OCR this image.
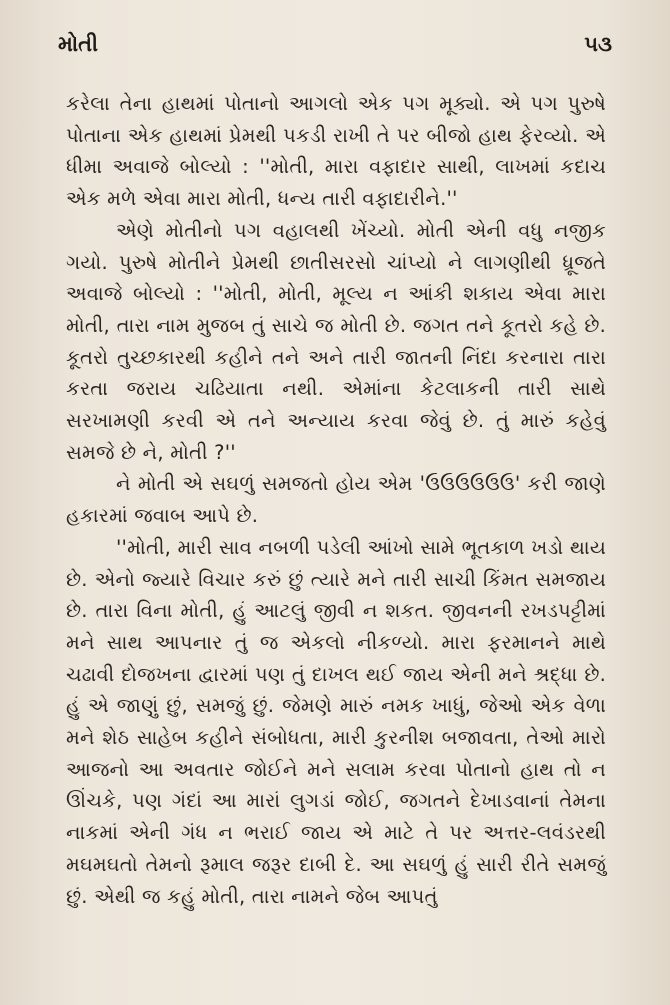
મોતી	૫૩

કરેલા તેના હાથમાં પોતાનો આગલો એક પગ મૂક્યો. એ પગ પુરુષે પોતાના એક હાથમાં પ્રેમથી પકડી રાખી તે પર બીજો હાથ ફેરવ્યો. એ ધીમા અવાજે બોલ્યો : ''મોતી, મારા વફાદાર સાથી, લાખમાં કદાચ એક મળે એવા મારા મોતી, ધન્ય તારી વફાદારીને.''

એણે મોતીનો પગ વહાલથી ખેંચ્યો. મોતી એની વધુ નજીક ગયો. પુરુષે મોતીને પ્રેમથી છાતીસરસો ચાંપ્યો ને લાગણીથી ધ્રૂજતે અવાજે બોલ્યો : ''મોતી, મોતી, મૂલ્ય ન આંકી શકાય એવા મારા મોતી, તારા નામ મુજબ તું સાચે જ મોતી છે. જગત તને કૂતરો કહે છે. કૂતરો તુચ્છકારથી કહીને તને અને તારી જાતની નિંદા કરનારા તારા કરતા જરાય ચઢિયાતા નથી. એમાંના કેટલાકની તારી સાથે સરખામણી કરવી એ તને અન્યાય કરવા જેવું છે. તું મારું કહેવું સમજે છે ને, મોતી ?''

ને મોતી એ સઘળું સમજતો હોય એમ 'ઉઉઉઉઉઉ' કરી જાણે હકારમાં જવાબ આપે છે.

''મોતી, મારી સાવ નબળી પડેલી આંખો સામે ભૂતકાળ ખડો થાય છે. એનો જ્યારે વિચાર કરું છું ત્યારે મને તારી સાચી કિંમત સમજાય છે. તારા વિના મોતી, હું આટલું જીવી ન શકત. જીવનની રખડપટ્ટીમાં મને સાથ આપનાર તું જ એકલો નીકળ્યો. મારા ફરમાનને માથે ચઢાવી દોજખના દ્વારમાં પણ તું દાખલ થઈ જાય એની મને શ્રદ્ધા છે. હું એ જાણું છું, સમજું છું. જેમણે મારું નમક ખાધું, જેઓ એક વેળા મને શેઠ સાહેબ કહીને સંબોધતા, મારી કુરનીશ બજાવતા, તેઓ મારો આજનો આ અવતાર જોઈને મને સલામ કરવા પોતાનો હાથ તો ન ઊંચકે, પણ ગંદાં આ મારાં લુગડાં જોઈ, જગતને દેખાડવાનાં તેમના નાકમાં એની ગંધ ન ભરાઈ જાય એ માટે તે પર અત્તર-લવંડરથી મઘમઘતો તેમનો રૂમાલ જરૂર દાબી દે. આ સઘળું હું સારી રીતે સમજું છું. એથી જ કહું મોતી, તારા નામને જેબ આપતું
